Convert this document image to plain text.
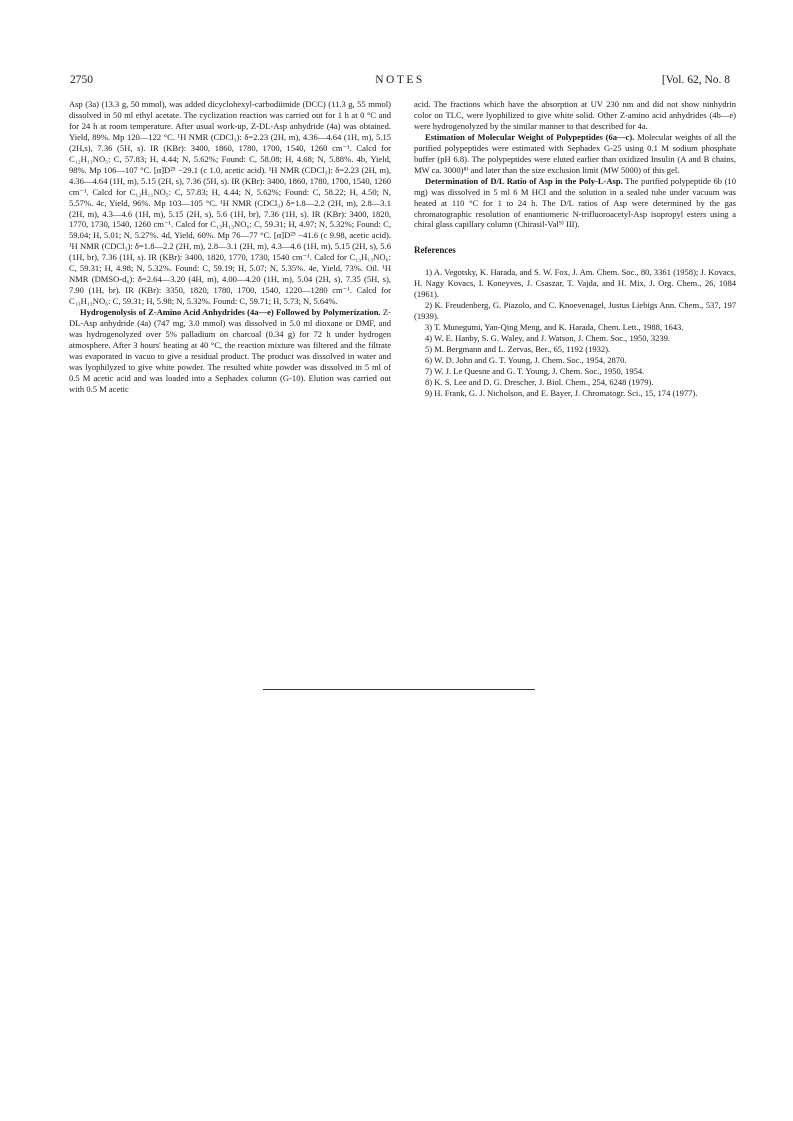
2750	NOTES	[Vol. 62, No. 8

Asp (3a) (13.3 g, 50 mmol), was added dicyclohexyl-carbodiimide (DCC) (11.3 g, 55 mmol) dissolved in 50 ml ethyl acetate. The cyclization reaction was carried out for 1 h at 0 °C and for 24 h at room temperature. After usual work-up, Z-DL-Asp anhydride (4a) was obtained. Yield, 89%. Mp 120—122 °C. ¹H NMR (CDCl₃): δ=2.23 (2H, m), 4.36—4.64 (1H, m), 5.15 (2H,s), 7.36 (5H, s). IR (KBr): 3400, 1860, 1780, 1700, 1540, 1260 cm⁻¹. Calcd for C₁₂H₁₁NO₅: C, 57.83; H, 4.44; N, 5.62%; Found: C, 58.08; H, 4.68; N, 5.88%. 4b, Yield, 98%. Mp 106—107 °C. [α]D²⁵ −29.1 (c 1.0, acetic acid). ¹H NMR (CDCl₃): δ=2.23 (2H, m), 4.36—4.64 (1H, m), 5.15 (2H, s), 7.36 (5H, s). IR (KBr): 3400, 1860, 1780, 1700, 1540, 1260 cm⁻¹. Calcd for C₁₂H₁₁NO₅: C, 57.83; H, 4.44; N, 5.62%; Found: C, 58.22; H, 4.50; N, 5.57%. 4c, Yield, 96%. Mp 103—105 °C. ¹H NMR (CDCl₃) δ=1.8—2.2 (2H, m), 2.8—3.1 (2H, m), 4.3—4.6 (1H, m), 5.15 (2H, s), 5.6 (1H, br), 7.36 (1H, s). IR (KBr): 3400, 1820, 1770, 1730, 1540, 1260 cm⁻¹. Calcd for C₁₃H₁₃NO₆: C, 59.31; H, 4.97; N, 5.32%; Found: C, 59.04; H, 5.01; N, 5.27%. 4d, Yield, 60%. Mp 76—77 °C. [α]D²⁵ −41.6 (c 9.98, acetic acid). ¹H NMR (CDCl₃): δ=1.8—2.2 (2H, m), 2.8—3.1 (2H, m), 4.3—4.6 (1H, m), 5.15 (2H, s), 5.6 (1H, br), 7.36 (1H, s). IR (KBr): 3400, 1820, 1770, 1730, 1540 cm⁻¹. Calcd for C₁₃H₁₃NO₆: C, 59.31; H, 4.98; N, 5.32%. Found: C, 59.19; H, 5.07; N, 5.35%. 4e, Yield, 73%. Oil. ¹H NMR (DMSO-d₆): δ=2.64—3.20 (4H, m), 4.00—4.20 (1H, m), 5.04 (2H, s), 7.35 (5H, s), 7.90 (1H, br). IR (KBr): 3350, 1820, 1780, 1700, 1540, 1220—1280 cm⁻¹. Calcd for C₁₃H₁₃NO₆: C, 59.31; H, 5.98; N, 5.32%. Found: C, 59.71; H, 5.73; N, 5.64%.

Hydrogenolysis of Z-Amino Acid Anhydrides (4a—e) Followed by Polymerization. Z-DL-Asp anhydride (4a) (747 mg, 3.0 mmol) was dissolved in 5.0 ml dioxane or DMF, and was hydrogenolyzed over 5% palladium on charcoal (0.34 g) for 72 h under hydrogen atmosphere. After 3 hours' heating at 40 °C, the reaction mixture was filtered and the filtrate was evaporated in vacuo to give a residual product. The product was dissolved in water and was lyophilyzed to give white powder. The resulted white powder was dissolved in 5 ml of 0.5 M acetic acid and was loaded into a Sephadex column (G-10). Elution was carried out with 0.5 M acetic

acid. The fractions which have the absorption at UV 230 nm and did not show ninhydrin color on TLC, were lyophilized to give white solid. Other Z-amino acid anhydrides (4b—e) were hydrogenolyzed by the similar manner to that described for 4a.

Estimation of Molecular Weight of Polypeptides (6a—c). Molecular weights of all the purified polypeptides were estimated with Sephadex G-25 using 0.1 M sodium phosphate buffer (pH 6.8). The polypeptides were eluted earlier than oxidized Insulin (A and B chains, MW ca. 3000)⁸⁾ and later than the size exclusion limit (MW 5000) of this gel.

Determination of D/L Ratio of Asp in the Poly-L-Asp. The purified polypeptide 6b (10 mg) was dissolved in 5 ml 6 M HCl and the solution in a sealed tube under vacuum was heated at 110 °C for 1 to 24 h. The D/L ratios of Asp were determined by the gas chromatographic resolution of enantiomeric N-trifluoroacetyl-Asp isopropyl esters using a chiral glass capillary column (Chirasil-Val⁹⁾ III).

References

1) A. Vegotsky, K. Harada, and S. W. Fox, J. Am. Chem. Soc., 80, 3361 (1958); J. Kovacs, H. Nagy Kovacs, I. Koneyves, J. Csaszar, T. Vajda, and H. Mix, J. Org. Chem., 26, 1084 (1961).

2) K. Freudenberg, G. Piazolo, and C. Knoevenagel, Justus Liebigs Ann. Chem., 537, 197 (1939).

3) T. Munegumi, Yan-Qing Meng, and K. Harada, Chem. Lett., 1988, 1643.

4) W. E. Hanby, S. G. Waley, and J. Watson, J. Chem. Soc., 1950, 3239.

5) M. Bergmann and L. Zervas, Ber., 65, 1192 (1932).

6) W. D. John and G. T. Young, J. Chem. Soc., 1954, 2870.

7) W. J. Le Quesne and G. T. Young, J. Chem. Soc., 1950, 1954.

8) K. S. Lee and D. G. Drescher, J. Biol. Chem., 254, 6248 (1979).

9) H. Frank, G. J. Nicholson, and E. Bayer, J. Chromatogr. Sci., 15, 174 (1977).
